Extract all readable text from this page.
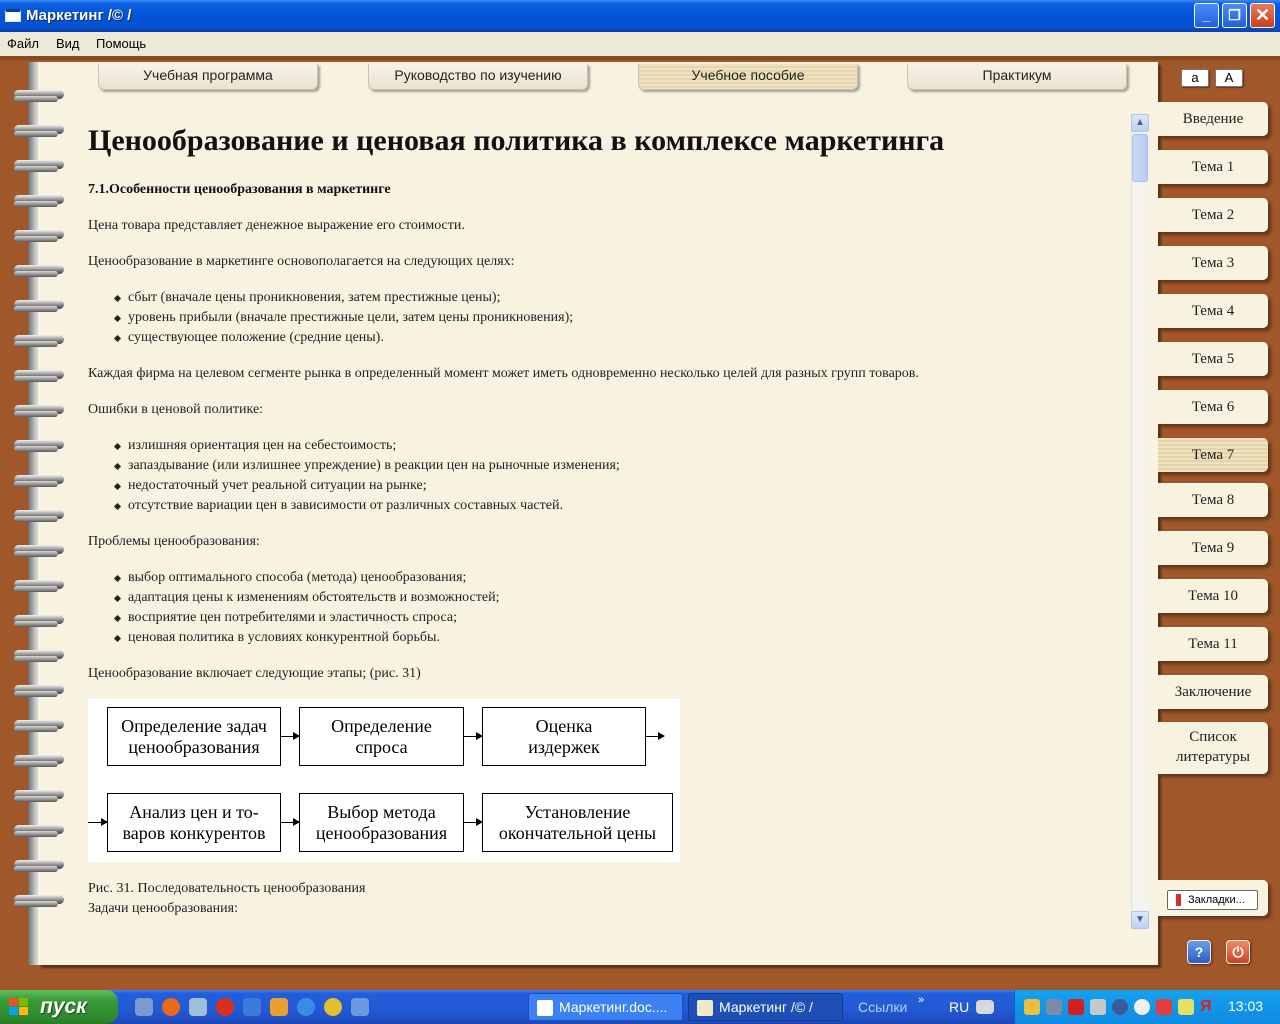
Маркетинг /© /	_	❐ ✕
Файл Вид Помощь
Учебная программа	Руководство по изучению	Учебное пособие	Практикум
Ценообразование и ценовая политика в комплексе маркетинга
7.1.Особенности ценообразования в маркетинге
Цена товара представляет денежное выражение его стоимости.
Ценообразование в маркетинге основополагается на следующих целях:
сбыт (вначале цены проникновения, затем престижные цены);
уровень прибыли (вначале престижные цели, затем цены проникновения);
существующее положение (средние цены).
Каждая фирма на целевом сегменте рынка в определенный момент может иметь одновременно несколько целей для разных групп товаров.
Ошибки в ценовой политике:
излишняя ориентация цен на себестоимость;
запаздывание (или излишнее упреждение) в реакции цен на рыночные изменения;
недостаточный учет реальной ситуации на рынке;
отсутствие вариации цен в зависимости от различных составных частей.
Проблемы ценообразования:
выбор оптимального способа (метода) ценообразования;
адаптация цены к изменениям обстоятельств и возможностей;
восприятие цен потребителями и эластичность спроса;
ценовая политика в условиях конкурентной борьбы.
Ценообразование включает следующие этапы; (рис. 31)
Определение задач
ценообразования
Определение
спроса
Оценка
издержек
Анализ цен и то-
варов конкурентов
Выбор метода
ценообразования
Установление
окончательной цены
Рис. 31. Последовательность ценообразования
Задачи ценообразования:
▲
▼
a	A
Введение
Тема 1
Тема 2
Тема 3
Тема 4
Тема 5
Тема 6
Тема 7
Тема 8
Тема 9
Тема 10
Тема 11
Заключение
Список
литературы
Закладки...
?	⏻
пуск	Маркетинг.doc....	Маркетинг /© /	Ссылки » RU	Я	13:03
